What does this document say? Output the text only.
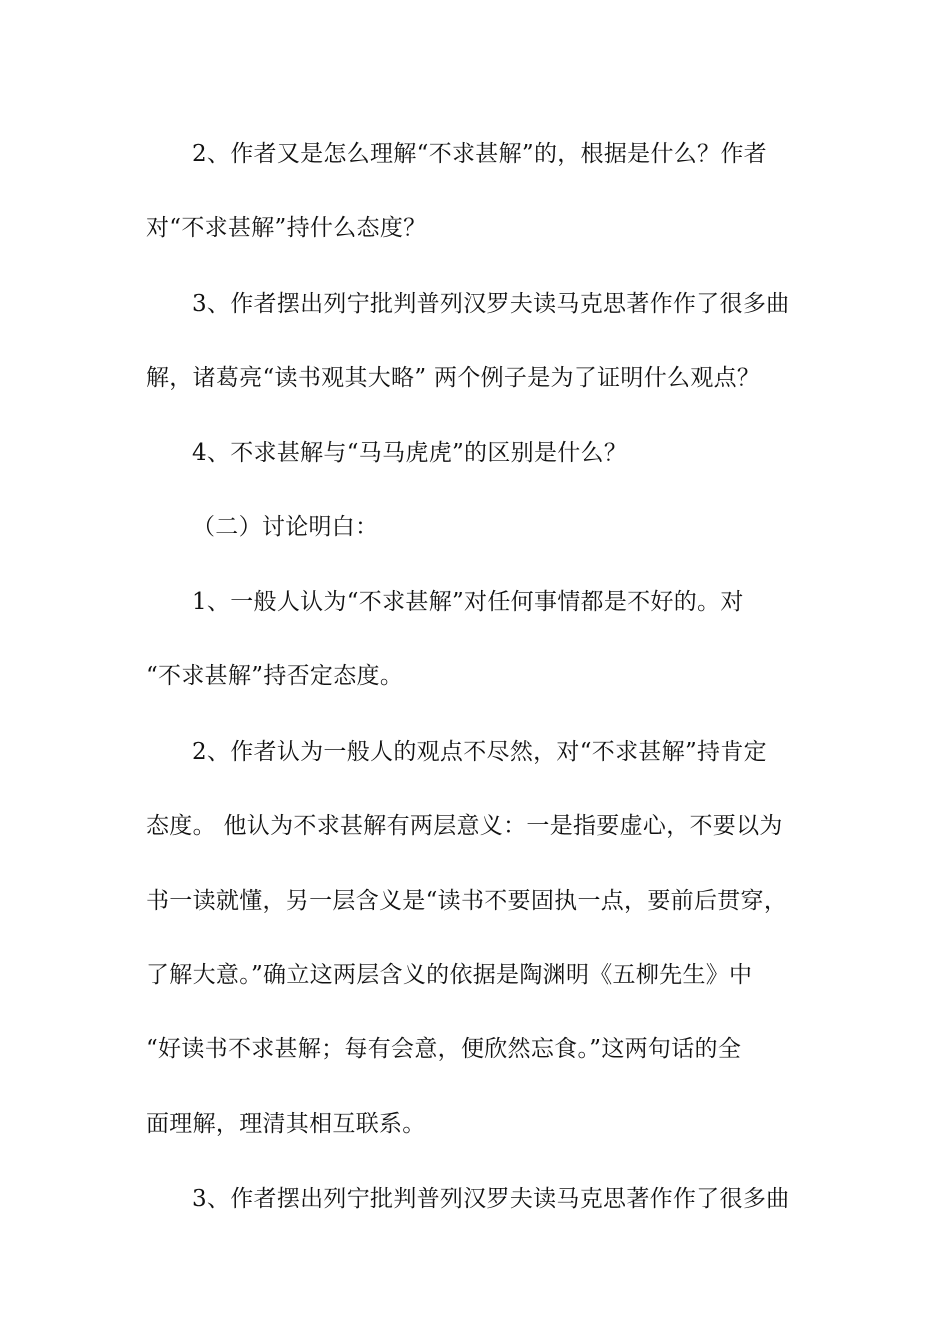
2、作者又是怎么理解“不求甚解”的，根据是什么？作者
对“不求甚解”持什么态度？
3、作者摆出列宁批判普列汉罗夫读马克思著作作了很多曲
解，诸葛亮“读书观其大略” 两个例子是为了证明什么观点？
4、不求甚解与“马马虎虎”的区别是什么？
（二）讨论明白：
1、一般人认为“不求甚解”对任何事情都是不好的。对
“不求甚解”持否定态度。
2、作者认为一般人的观点不尽然，对“不求甚解”持肯定
态度。 他认为不求甚解有两层意义：一是指要虚心，不要以为
书一读就懂，另一层含义是“读书不要固执一点，要前后贯穿，
了解大意。”确立这两层含义的依据是陶渊明《五柳先生》中
“好读书不求甚解；每有会意，便欣然忘食。”这两句话的全
面理解，理清其相互联系。
3、作者摆出列宁批判普列汉罗夫读马克思著作作了很多曲
